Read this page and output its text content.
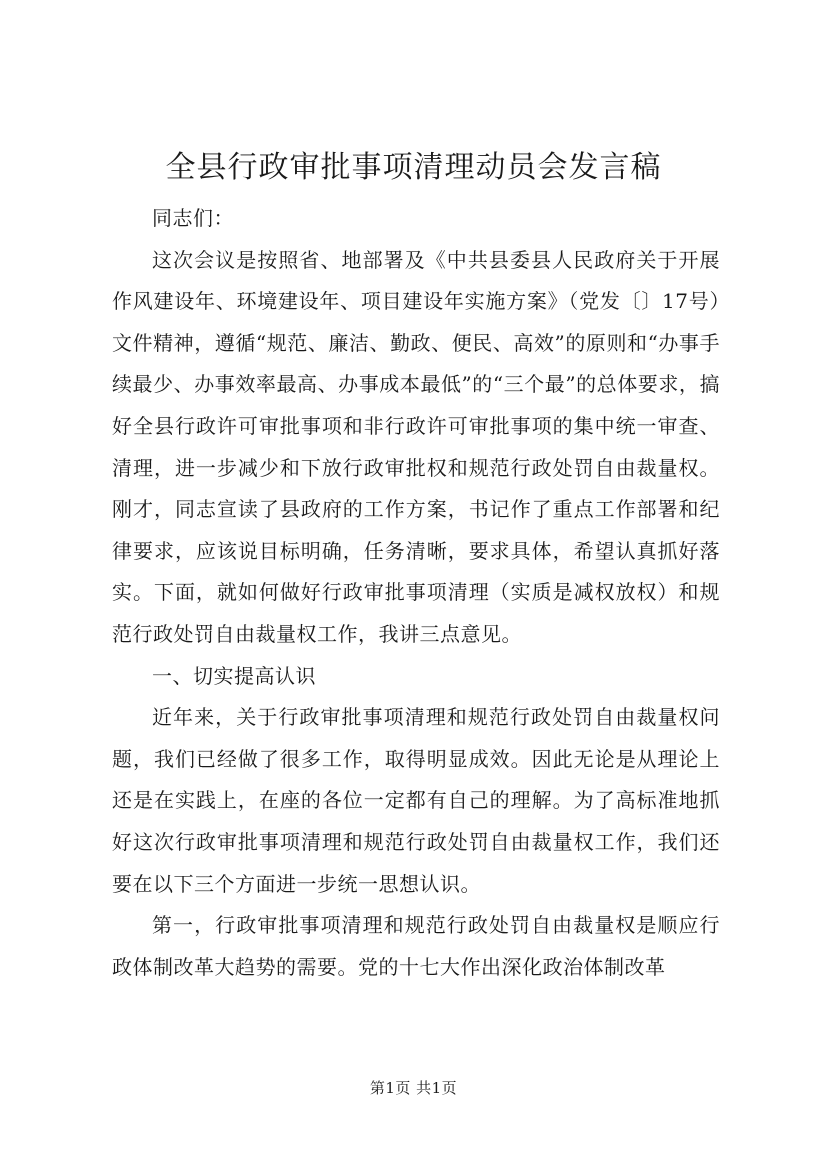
全县行政审批事项清理动员会发言稿

同志们：

这次会议是按照省、地部署及《中共县委县人民政府关于开展作风建设年、环境建设年、项目建设年实施方案》（党发〔〕17号）文件精神，遵循“规范、廉洁、勤政、便民、高效”的原则和“办事手续最少、办事效率最高、办事成本最低”的“三个最”的总体要求，搞好全县行政许可审批事项和非行政许可审批事项的集中统一审查、清理，进一步减少和下放行政审批权和规范行政处罚自由裁量权。刚才，同志宣读了县政府的工作方案，书记作了重点工作部署和纪律要求，应该说目标明确，任务清晰，要求具体，希望认真抓好落实。下面，就如何做好行政审批事项清理（实质是减权放权）和规范行政处罚自由裁量权工作，我讲三点意见。

一、切实提高认识

近年来，关于行政审批事项清理和规范行政处罚自由裁量权问题，我们已经做了很多工作，取得明显成效。因此无论是从理论上还是在实践上，在座的各位一定都有自己的理解。为了高标准地抓好这次行政审批事项清理和规范行政处罚自由裁量权工作，我们还要在以下三个方面进一步统一思想认识。

第一，行政审批事项清理和规范行政处罚自由裁量权是顺应行政体制改革大趋势的需要。党的十七大作出深化政治体制改革

第1页 共1页
